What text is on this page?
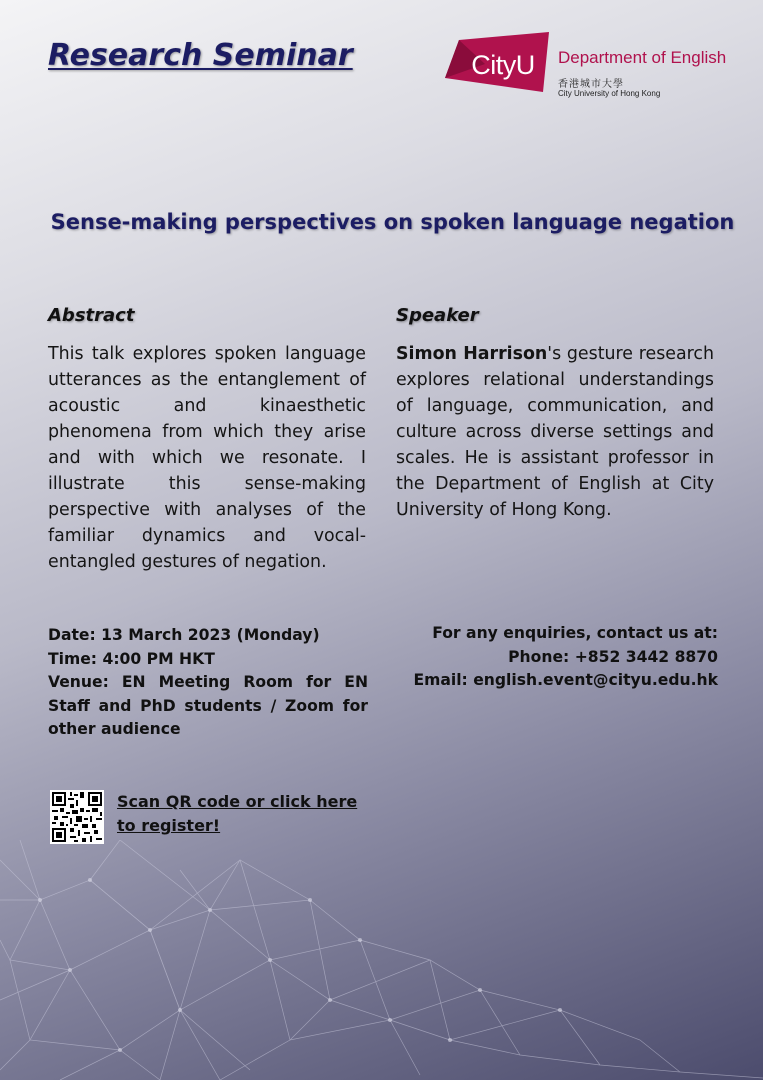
Research Seminar	CityU	Department of English
香港城市大學
City University of Hong Kong
Sense-making perspectives on spoken language negation
Abstract

This talk explores spoken language utterances as the entanglement of acoustic and kinaesthetic phenomena from which they arise and with which we resonate. I illustrate this sense-making perspective with analyses of the familiar dynamics and vocal-entangled gestures of negation.

Speaker

Simon Harrison's gesture research explores relational understandings of language, communication, and culture across diverse settings and scales. He is assistant professor in the Department of English at City University of Hong Kong.

Date: 13 March 2023 (Monday)

Time: 4:00 PM HKT

Venue: EN Meeting Room for EN Staff and PhD students / Zoom for other audience

For any enquiries, contact us at:

Phone: +852 3442 8870

Email: english.event@cityu.edu.hk

Scan QR code or click here to register!
